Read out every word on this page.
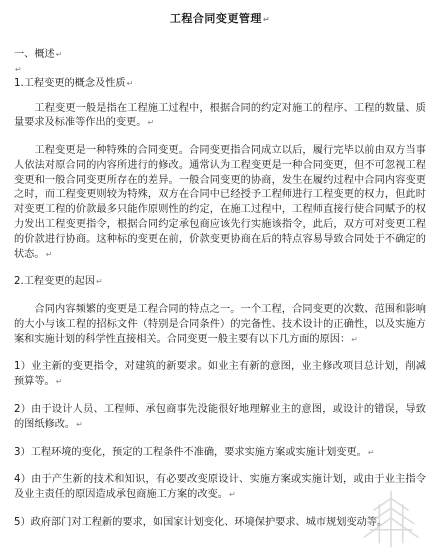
工程合同变更管理↵

一、概述↵

↵

1.工程变更的概念及性质↵

工程变更一般是指在工程施工过程中，根据合同的约定对施工的程序、工程的数量、质量要求及标准等作出的变更。↵

工程变更是一种特殊的合同变更。合同变更指合同成立以后，履行完毕以前由双方当事人依法对原合同的内容所进行的修改。通常认为工程变更是一种合同变更，但不可忽视工程变更和一般合同变更所存在的差异。一般合同变更的协商，发生在履约过程中合同内容变更之时，而工程变更则较为特殊，双方在合同中已经授予工程师进行工程变更的权力，但此时对变更工程的价款最多只能作原则性的约定，在施工过程中，工程师直接行使合同赋予的权力发出工程变更指令，根据合同约定承包商应该先行实施该指令，此后，双方可对变更工程的价款进行协商。这种标的变更在前，价款变更协商在后的特点容易导致合同处于不确定的状态。↵

2.工程变更的起因↵

合同内容频繁的变更是工程合同的特点之一。一个工程，合同变更的次数、范围和影响的大小与该工程的招标文件（特别是合同条件）的完备性、技术设计的正确性，以及实施方案和实施计划的科学性直接相关。合同变更一般主要有以下几方面的原因：↵

1）业主新的变更指令，对建筑的新要求。如业主有新的意图，业主修改项目总计划，削减预算等。↵

2）由于设计人员、工程师、承包商事先没能很好地理解业主的意图，或设计的错误，导致的图纸修改。↵

3）工程环境的变化，预定的工程条件不准确，要求实施方案或实施计划变更。↵

4）由于产生新的技术和知识，有必要改变原设计、实施方案或实施计划，或由于业主指令及业主责任的原因造成承包商施工方案的改变。↵

5）政府部门对工程新的要求，如国家计划变化、环境保护要求、城市规划变动等。
